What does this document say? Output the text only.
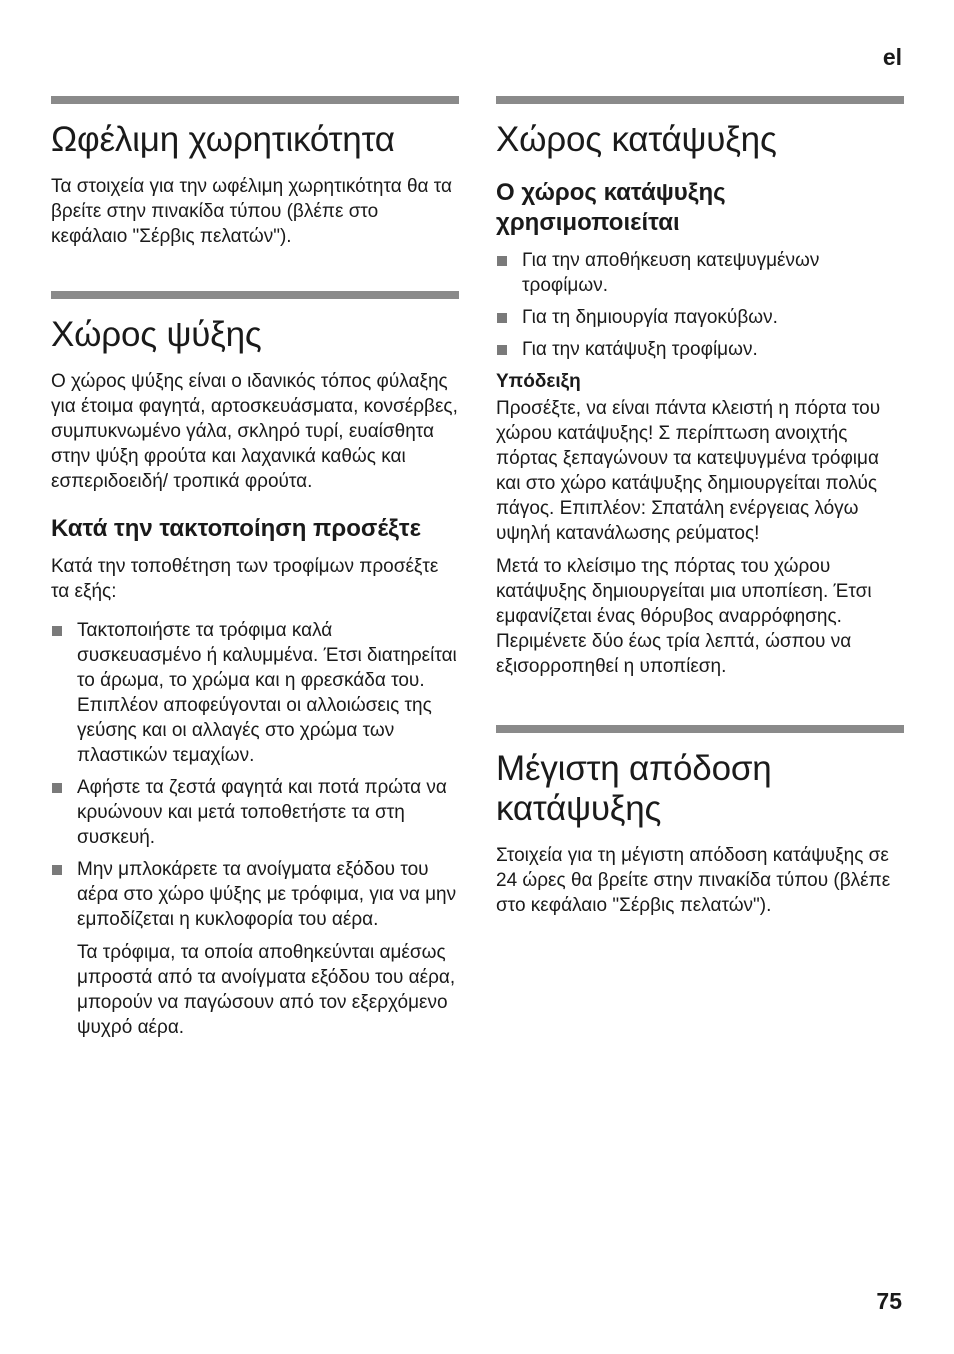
el
Ωφέλιμη χωρητικότητα

Τα στοιχεία για την ωφέλιμη χωρητικότητα θα τα βρείτε στην πινακίδα τύπου (βλέπε στο κεφάλαιο "Σέρβις πελατών").

Χώρος ψύξης

Ο χώρος ψύξης είναι ο ιδανικός τόπος φύλαξης για έτοιμα φαγητά, αρτοσκευάσματα, κονσέρβες, συμπυκνωμένο γάλα, σκληρό τυρί, ευαίσθητα στην ψύξη φρούτα και λαχανικά καθώς και εσπεριδοειδή/ τροπικά φρούτα.

Κατά την τακτοποίηση προσέξτε

Κατά την τοποθέτηση των τροφίμων προσέξτε τα εξής:

Τακτοποιήστε τα τρόφιμα καλά συσκευασμένο ή καλυμμένα. Έτσι διατηρείται το άρωμα, το χρώμα και η φρεσκάδα του. Επιπλέον αποφεύγονται οι αλλοιώσεις της γεύσης και οι αλλαγές στο χρώμα των πλαστικών τεμαχίων.
Αφήστε τα ζεστά φαγητά και ποτά πρώτα να κρυώνουν και μετά τοποθετήστε τα στη συσκευή.
Μην μπλοκάρετε τα ανοίγματα εξόδου του αέρα στο χώρο ψύξης με τρόφιμα, για να μην εμποδίζεται η κυκλοφορία του αέρα.

Τα τρόφιμα, τα οποία αποθηκεύνται αμέσως μπροστά από τα ανοίγματα εξόδου του αέρα, μπορούν να παγώσουν από τον εξερχόμενο ψυχρό αέρα.

Χώρος κατάψυξης
Ο χώρος κατάψυξης χρησιμοποιείται
Για την αποθήκευση κατεψυγμένων τροφίμων.
Για τη δημιουργία παγοκύβων.
Για την κατάψυξη τροφίμων.
Υπόδειξη

Προσέξτε, να είναι πάντα κλειστή η πόρτα του χώρου κατάψυξης! Σ περίπτωση ανοιχτής πόρτας ξεπαγώνουν τα κατεψυγμένα τρόφιμα και στο χώρο κατάψυξης δημιουργείται πολύς πάγος. Επιπλέον: Σπατάλη ενέργειας λόγω υψηλή κατανάλωσης ρεύματος!

Μετά το κλείσιμο της πόρτας του χώρου κατάψυξης δημιουργείται μια υποπίεση. Έτσι εμφανίζεται ένας θόρυβος αναρρόφησης. Περιμένετε δύο έως τρία λεπτά, ώσπου να εξισορροπηθεί η υποπίεση.

Μέγιστη απόδοση κατάψυξης

Στοιχεία για τη μέγιστη απόδοση κατάψυξης σε 24 ώρες θα βρείτε στην πινακίδα τύπου (βλέπε στο κεφάλαιο "Σέρβις πελατών").

75
